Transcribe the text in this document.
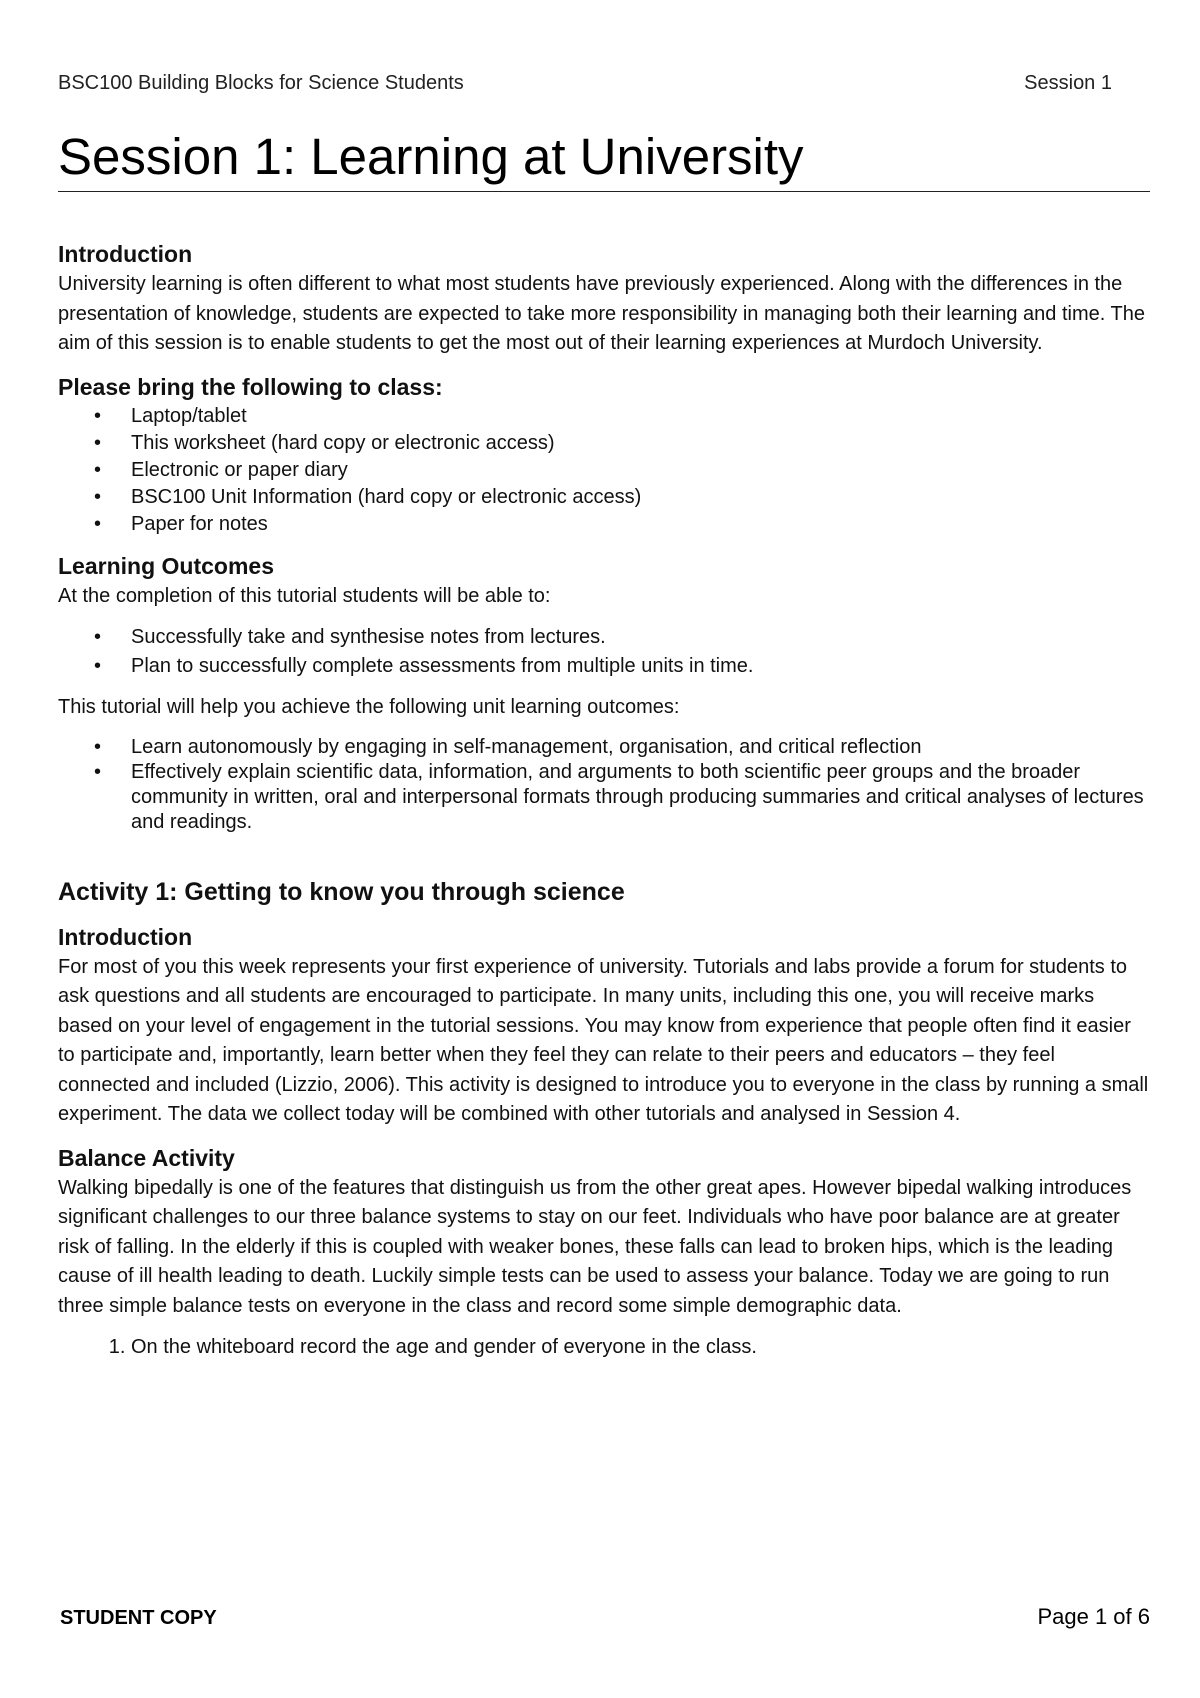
BSC100 Building Blocks for Science Students	Session 1
Session 1: Learning at University
Introduction

University learning is often different to what most students have previously experienced. Along with the differences in the presentation of knowledge, students are expected to take more responsibility in managing both their learning and time. The aim of this session is to enable students to get the most out of their learning experiences at Murdoch University.

Please bring the following to class:
• Laptop/tablet
• This worksheet (hard copy or electronic access)
• Electronic or paper diary
• BSC100 Unit Information (hard copy or electronic access)
• Paper for notes
Learning Outcomes

At the completion of this tutorial students will be able to:

• Successfully take and synthesise notes from lectures.
• Plan to successfully complete assessments from multiple units in time.

This tutorial will help you achieve the following unit learning outcomes:

• Learn autonomously by engaging in self-management, organisation, and critical reflection
• Effectively explain scientific data, information, and arguments to both scientific peer groups and the broader community in written, oral and interpersonal formats through producing summaries and critical analyses of lectures and readings.
Activity 1: Getting to know you through science
Introduction

For most of you this week represents your first experience of university. Tutorials and labs provide a forum for students to ask questions and all students are encouraged to participate. In many units, including this one, you will receive marks based on your level of engagement in the tutorial sessions. You may know from experience that people often find it easier to participate and, importantly, learn better when they feel they can relate to their peers and educators – they feel connected and included (Lizzio, 2006). This activity is designed to introduce you to everyone in the class by running a small experiment. The data we collect today will be combined with other tutorials and analysed in Session 4.

Balance Activity

Walking bipedally is one of the features that distinguish us from the other great apes. However bipedal walking introduces significant challenges to our three balance systems to stay on our feet. Individuals who have poor balance are at greater risk of falling. In the elderly if this is coupled with weaker bones, these falls can lead to broken hips, which is the leading cause of ill health leading to death. Luckily simple tests can be used to assess your balance. Today we are going to run three simple balance tests on everyone in the class and record some simple demographic data.

1. On the whiteboard record the age and gender of everyone in the class.
STUDENT COPY	Page 1 of 6
